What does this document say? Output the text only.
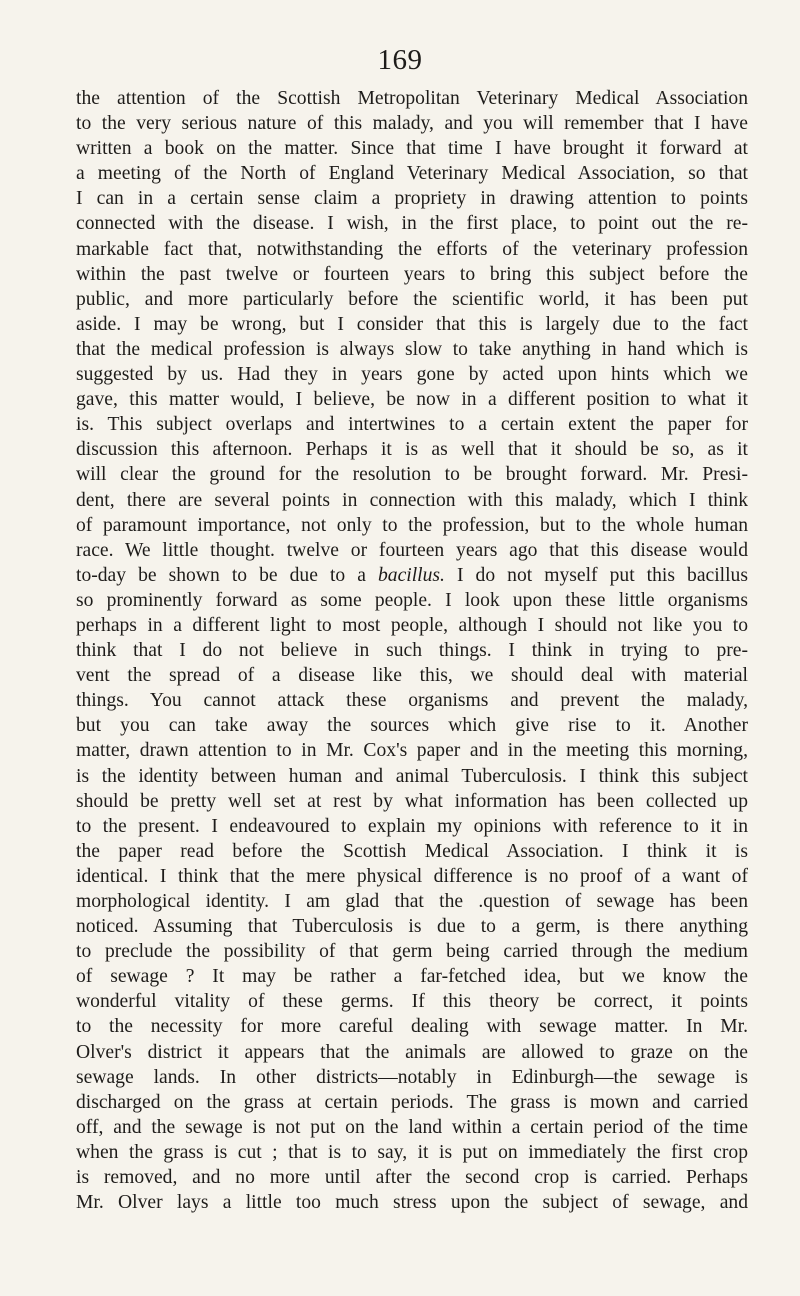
169
the attention of the Scottish Metropolitan Veterinary Medical Association
to the very serious nature of this malady, and you will remember that I have
written a book on the matter. Since that time I have brought it forward at
a meeting of the North of England Veterinary Medical Association, so that
I can in a certain sense claim a propriety in drawing attention to points
connected with the disease. I wish, in the first place, to point out the re-
markable fact that, notwithstanding the efforts of the veterinary profession
within the past twelve or fourteen years to bring this subject before the
public, and more particularly before the scientific world, it has been put
aside. I may be wrong, but I consider that this is largely due to the fact
that the medical profession is always slow to take anything in hand which is
suggested by us. Had they in years gone by acted upon hints which we
gave, this matter would, I believe, be now in a different position to what it
is. This subject overlaps and intertwines to a certain extent the paper for
discussion this afternoon. Perhaps it is as well that it should be so, as it
will clear the ground for the resolution to be brought forward. Mr. Presi-
dent, there are several points in connection with this malady, which I think
of paramount importance, not only to the profession, but to the whole human
race. We little thought. twelve or fourteen years ago that this disease would
to-day be shown to be due to a bacillus. I do not myself put this bacillus
so prominently forward as some people. I look upon these little organisms
perhaps in a different light to most people, although I should not like you to
think that I do not believe in such things. I think in trying to pre-
vent the spread of a disease like this, we should deal with material
things. You cannot attack these organisms and prevent the malady,
but you can take away the sources which give rise to it. Another
matter, drawn attention to in Mr. Cox's paper and in the meeting this morning,
is the identity between human and animal Tuberculosis. I think this subject
should be pretty well set at rest by what information has been collected up
to the present. I endeavoured to explain my opinions with reference to it in
the paper read before the Scottish Medical Association. I think it is
identical. I think that the mere physical difference is no proof of a want of
morphological identity. I am glad that the .question of sewage has been
noticed. Assuming that Tuberculosis is due to a germ, is there anything
to preclude the possibility of that germ being carried through the medium
of sewage ? It may be rather a far-fetched idea, but we know the
wonderful vitality of these germs. If this theory be correct, it points
to the necessity for more careful dealing with sewage matter. In Mr.
Olver's district it appears that the animals are allowed to graze on the
sewage lands. In other districts—notably in Edinburgh—the sewage is
discharged on the grass at certain periods. The grass is mown and carried
off, and the sewage is not put on the land within a certain period of the time
when the grass is cut ; that is to say, it is put on immediately the first crop
is removed, and no more until after the second crop is carried. Perhaps
Mr. Olver lays a little too much stress upon the subject of sewage, and
